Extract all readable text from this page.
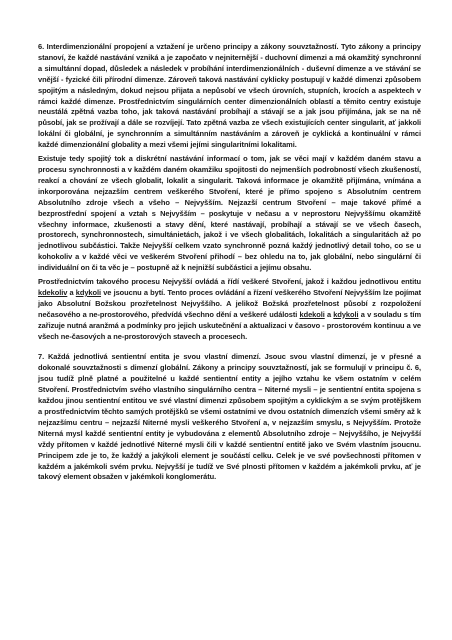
6. Interdimenzionální propojení a vztažení je určeno principy a zákony souvztažností. Tyto zákony a principy stanoví, že každé nastávání vzniká a je započato v nejniternější - duchovní dimenzi a má okamžitý synchronní a simultánní dopad, důsledek a následek v probíhání interdimenzionálních - duševní dimenze a ve stávání se vnější - fyzické čili přírodní dimenze. Zároveň taková nastávání cyklicky postupují v každé dimenzi způsobem spojitým a následným, dokud nejsou přijata a nepůsobí ve všech úrovních, stupních, krocích a aspektech v rámci každé dimenze. Prostřednictvím singulárních center dimenzionálních oblastí a těmito centry existuje neustálá zpětná vazba toho, jak taková nastávání probíhají a stávají se a jak jsou přijímána, jak se na ně působí, jak se prožívají a dále se rozvíjejí. Tato zpětná vazba ze všech existujících center singularit, ať jakkoli lokální či globální, je synchronním a simultánním nastáváním a zároveň je cyklická a kontinuální v rámci každé dimenzionální globality a mezi všemi jejími singularitními lokalitami.

Existuje tedy spojitý tok a diskrétní nastávání informací o tom, jak se věci mají v každém daném stavu a procesu synchronnosti a v každém daném okamžiku spojitosti do nejmenších podrobností všech zkušeností, reakcí a chování ze všech globalit, lokalit a singularit. Taková informace je okamžitě přijímána, vnímána a inkorporována nejzazším centrem veškerého Stvoření, které je přímo spojeno s Absolutním centrem Absolutního zdroje všech a všeho – Nejvyšším. Nejzazší centrum Stvoření – maje takové přímé a bezprostřední spojení a vztah s Nejvyšším – poskytuje v nečasu a v neprostoru Nejvyššímu okamžitě všechny informace, zkušenosti a stavy dění, které nastávají, probíhají a stávají se ve všech časech, prostorech, synchronnostech, simultánietách, jakož i ve všech globalitách, lokalitách a singularitách až po jednotlivou subčástici. Takže Nejvyšší celkem vzato synchronně pozná každý jednotlivý detail toho, co se u kohokoliv a v každé věci ve veškerém Stvoření přihodí – bez ohledu na to, jak globální, nebo singulární či individuální on či ta věc je – postupně až k nejnižší subčástici a jejímu obsahu.

Prostřednictvím takového procesu Nejvyšší ovládá a řídí veškeré Stvoření, jakož i každou jednotlivou entitu kdekoliv a kdykoli ve jsoucnu a bytí. Tento proces ovládání a řízení veškerého Stvoření Nejvyšším lze pojímat jako Absolutní Božskou prozřetelnost Nejvyššího. A jelikož Božská prozřetelnost působí z rozpoložení nečasového a ne-prostorového, předvídá všechno dění a veškeré události kdekoli a kdykoli a v souladu s tím zařizuje nutná aranžmá a podmínky pro jejich uskutečnění a aktualizaci v časovo - prostorovém kontinuu a ve všech ne-časových a ne-prostorových stavech a procesech.

7. Každá jednotlivá sentientní entita je svou vlastní dimenzí. Jsouc svou vlastní dimenzí, je v přesné a dokonalé souvztažnosti s dimenzí globální. Zákony a principy souvztažností, jak se formulují v principu č. 6, jsou tudíž plně platné a použitelné u každé sentientní entity a jejího vztahu ke všem ostatním v celém Stvoření. Prostřednictvím svého vlastního singulárního centra – Niterné mysli – je sentientní entita spojena s každou jinou sentientní entitou ve své vlastní dimenzi způsobem spojitým a cyklickým a se svým protějškem a prostřednictvím těchto samých protějšků se všemi ostatními ve dvou ostatních dimenzích všemi směry až k nejzazšímu centru – nejzazší Niterné mysli veškerého Stvoření a, v nejzazším smyslu, s Nejvyšším. Protože Niterná mysl každé sentientní entity je vybudována z elementů Absolutního zdroje – Nejvyššího, je Nejvyšší vždy přítomen v každé jednotlivé Niterné mysli čili v každé sentientní entitě jako ve Svém vlastním jsoucnu. Principem zde je to, že každý a jakýkoli element je součástí celku. Celek je ve své povšechnosti přítomen v každém a jakémkoli svém prvku. Nejvyšší je tudíž ve Své plnosti přítomen v každém a jakémkoli prvku, ať je takový element obsažen v jakémkoli konglomerátu.
